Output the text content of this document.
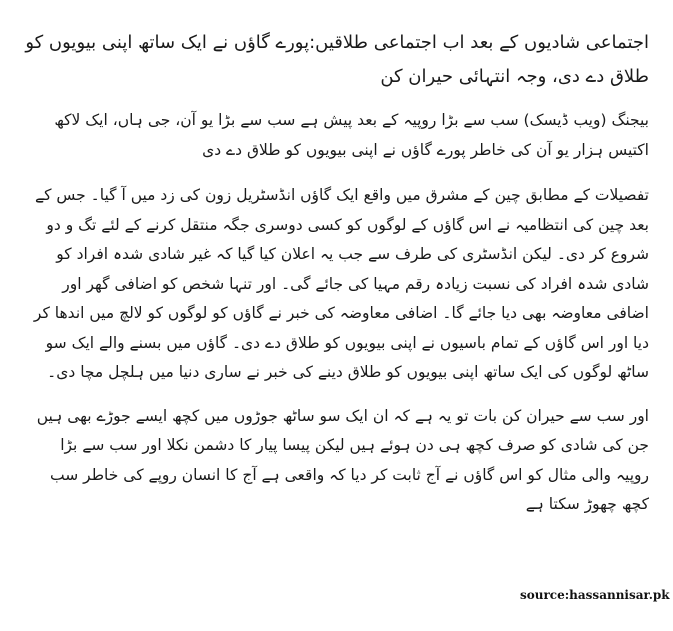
اجتماعی شادیوں کے بعد اب اجتماعی طلاقیں:پورے گاؤں نے ایک ساتھ اپنی بیویوں کو طلاق دے دی، وجہ انتہائی حیران کن

بیجنگ (ویب ڈیسک) سب سے بڑا روپیہ کے بعد پیش ہے سب سے بڑا یو آن، جی ہاں، ایک لاکھ اکتیس ہزار یو آن کی خاطر پورے گاؤں نے اپنی بیویوں کو طلاق دے دی

تفصیلات کے مطابق چین کے مشرق میں واقع ایک گاؤں انڈسٹریل زون کی زد میں آ گیا۔ جس کے بعد چین کی انتظامیہ نے اس گاؤں کے لوگوں کو کسی دوسری جگہ منتقل کرنے کے لئے تگ و دو شروع کر دی۔ لیکن انڈسٹری کی طرف سے جب یہ اعلان کیا گیا کہ غیر شادی شدہ افراد کو شادی شدہ افراد کی نسبت زیادہ رقم مہیا کی جائے گی۔ اور تنہا شخص کو اضافی گھر اور اضافی معاوضہ بھی دیا جائے گا۔ اضافی معاوضہ کی خبر نے گاؤں کو لوگوں کو لالچ میں اندھا کر دیا اور اس گاؤں کے تمام باسیوں نے اپنی بیویوں کو طلاق دے دی۔ گاؤں میں بسنے والے ایک سو ساٹھ لوگوں کی ایک ساتھ اپنی بیویوں کو طلاق دینے کی خبر نے ساری دنیا میں ہلچل مچا دی۔

اور سب سے حیران کن بات تو یہ ہے کہ ان ایک سو ساٹھ جوڑوں میں کچھ ایسے جوڑے بھی ہیں جن کی شادی کو صرف کچھ ہی دن ہوئے ہیں لیکن پیسا پیار کا دشمن نکلا اور سب سے بڑا روپیہ والی مثال کو اس گاؤں نے آج ثابت کر دیا کہ واقعی ہے آج کا انسان روپے کی خاطر سب کچھ چھوڑ سکتا ہے

source:hassannisar.pk
